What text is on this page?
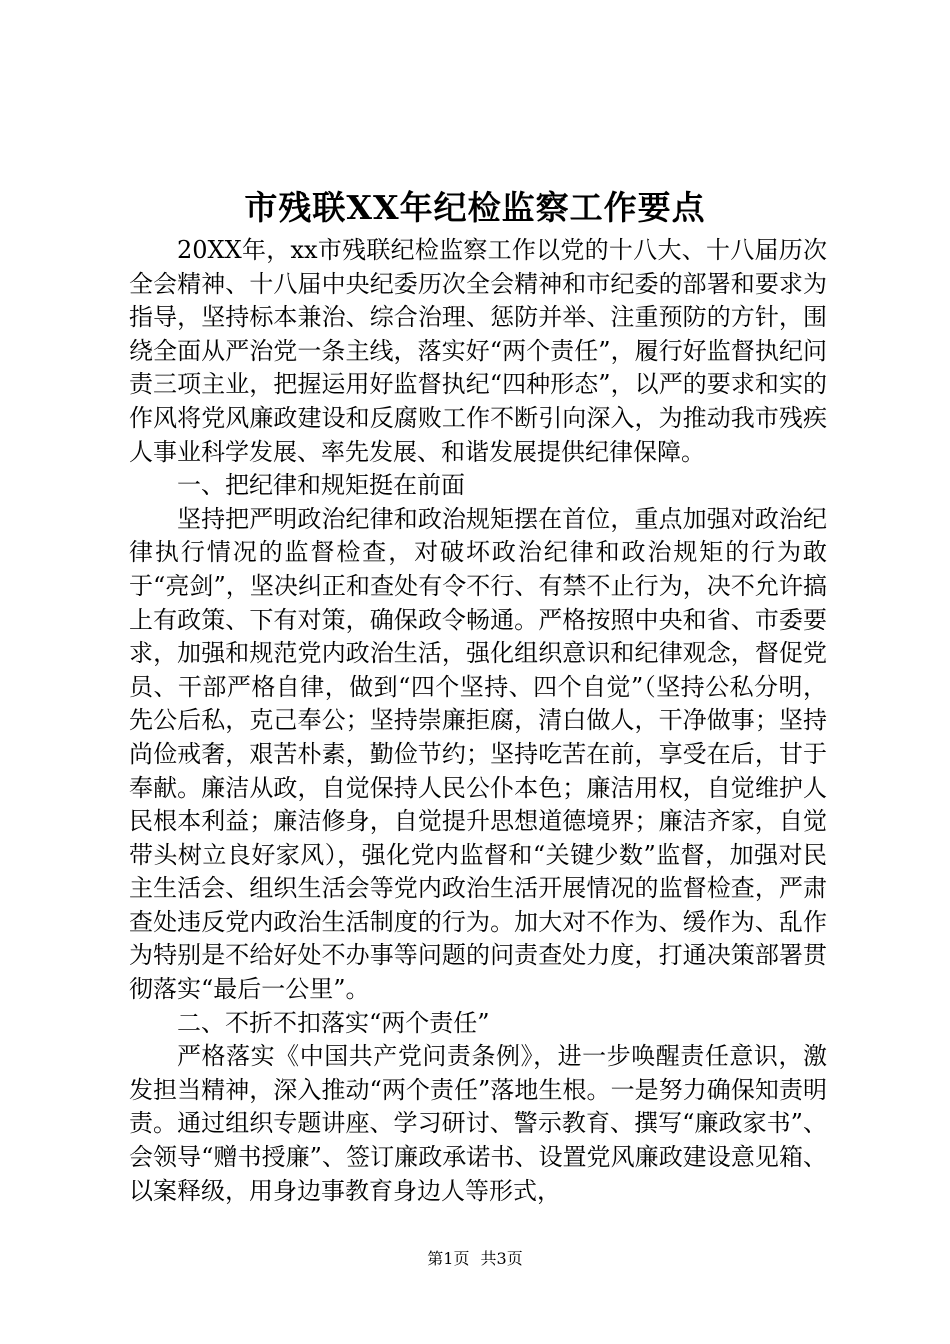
市残联XX年纪检监察工作要点

20XX年，xx市残联纪检监察工作以党的十八大、十八届历次全会精神、十八届中央纪委历次全会精神和市纪委的部署和要求为指导，坚持标本兼治、综合治理、惩防并举、注重预防的方针，围绕全面从严治党一条主线，落实好“两个责任”，履行好监督执纪问责三项主业，把握运用好监督执纪“四种形态”，以严的要求和实的作风将党风廉政建设和反腐败工作不断引向深入，为推动我市残疾人事业科学发展、率先发展、和谐发展提供纪律保障。

一、把纪律和规矩挺在前面

坚持把严明政治纪律和政治规矩摆在首位，重点加强对政治纪律执行情况的监督检查，对破坏政治纪律和政治规矩的行为敢于“亮剑”，坚决纠正和查处有令不行、有禁不止行为，决不允许搞上有政策、下有对策，确保政令畅通。严格按照中央和省、市委要求，加强和规范党内政治生活，强化组织意识和纪律观念，督促党员、干部严格自律，做到“四个坚持、四个自觉”（坚持公私分明，先公后私，克己奉公；坚持崇廉拒腐，清白做人，干净做事；坚持尚俭戒奢，艰苦朴素，勤俭节约；坚持吃苦在前，享受在后，甘于奉献。廉洁从政，自觉保持人民公仆本色；廉洁用权，自觉维护人民根本利益；廉洁修身，自觉提升思想道德境界；廉洁齐家，自觉带头树立良好家风），强化党内监督和“关键少数”监督，加强对民主生活会、组织生活会等党内政治生活开展情况的监督检查，严肃查处违反党内政治生活制度的行为。加大对不作为、缓作为、乱作为特别是不给好处不办事等问题的问责查处力度，打通决策部署贯彻落实“最后一公里”。

二、不折不扣落实“两个责任”

严格落实《中国共产党问责条例》，进一步唤醒责任意识，激发担当精神，深入推动“两个责任”落地生根。一是努力确保知责明责。通过组织专题讲座、学习研讨、警示教育、撰写“廉政家书”、会领导“赠书授廉”、签订廉政承诺书、设置党风廉政建设意见箱、以案释级，用身边事教育身边人等形式，

第1页 共3页
